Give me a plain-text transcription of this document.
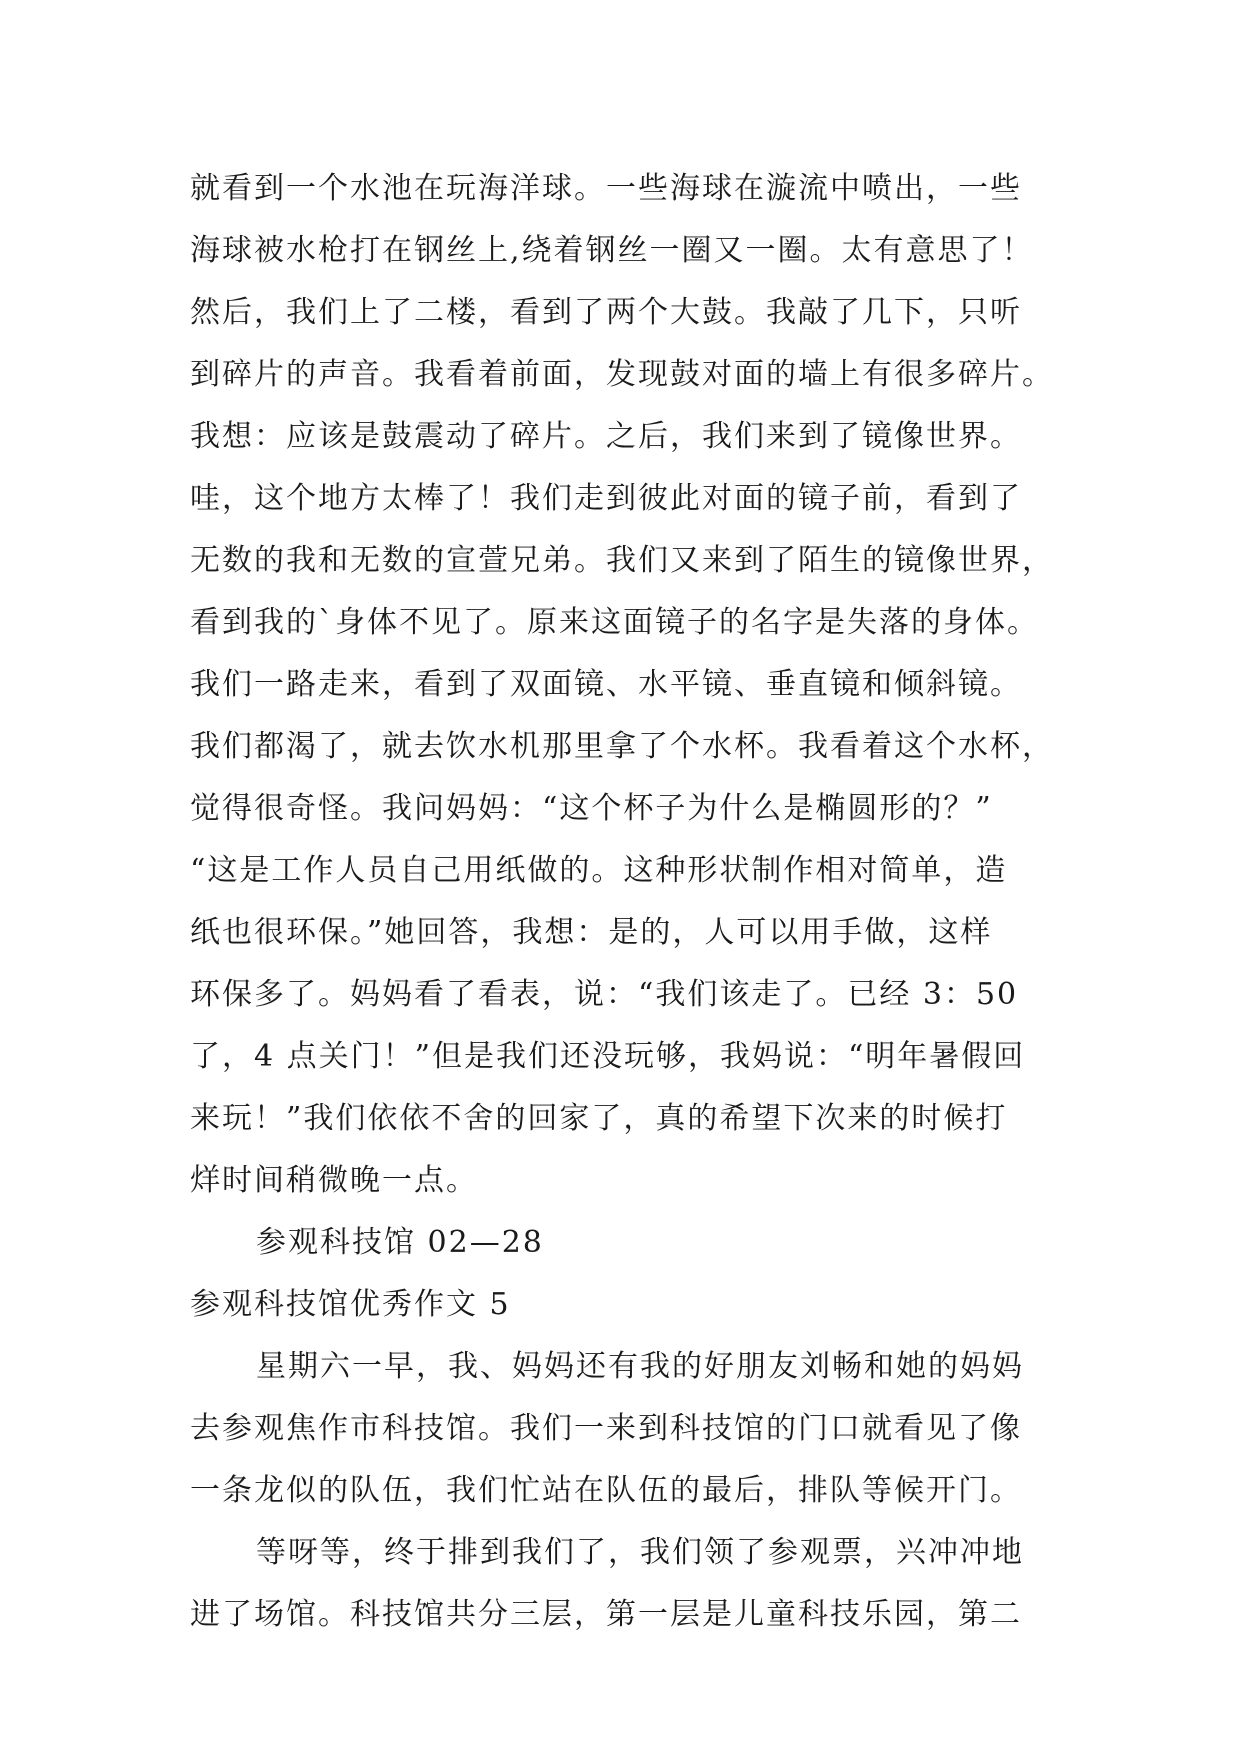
就看到一个水池在玩海洋球。一些海球在漩流中喷出，一些
海球被水枪打在钢丝上,绕着钢丝一圈又一圈。太有意思了！
然后，我们上了二楼，看到了两个大鼓。我敲了几下，只听
到碎片的声音。我看着前面，发现鼓对面的墙上有很多碎片。
我想：应该是鼓震动了碎片。之后，我们来到了镜像世界。
哇，这个地方太棒了！我们走到彼此对面的镜子前，看到了
无数的我和无数的宣萱兄弟。我们又来到了陌生的镜像世界，
看到我的`身体不见了。原来这面镜子的名字是失落的身体。
我们一路走来，看到了双面镜、水平镜、垂直镜和倾斜镜。
我们都渴了，就去饮水机那里拿了个水杯。我看着这个水杯，
觉得很奇怪。我问妈妈：“这个杯子为什么是椭圆形的？”
“这是工作人员自己用纸做的。这种形状制作相对简单，造
纸也很环保。”她回答，我想：是的，人可以用手做，这样
环保多了。妈妈看了看表，说：“我们该走了。已经 3：50
了，4 点关门！”但是我们还没玩够，我妈说：“明年暑假回
来玩！”我们依依不舍的回家了，真的希望下次来的时候打
烊时间稍微晚一点。
参观科技馆 02—28
参观科技馆优秀作文 5
星期六一早，我、妈妈还有我的好朋友刘畅和她的妈妈
去参观焦作市科技馆。我们一来到科技馆的门口就看见了像
一条龙似的队伍，我们忙站在队伍的最后，排队等候开门。
等呀等，终于排到我们了，我们领了参观票，兴冲冲地
进了场馆。科技馆共分三层，第一层是儿童科技乐园，第二
